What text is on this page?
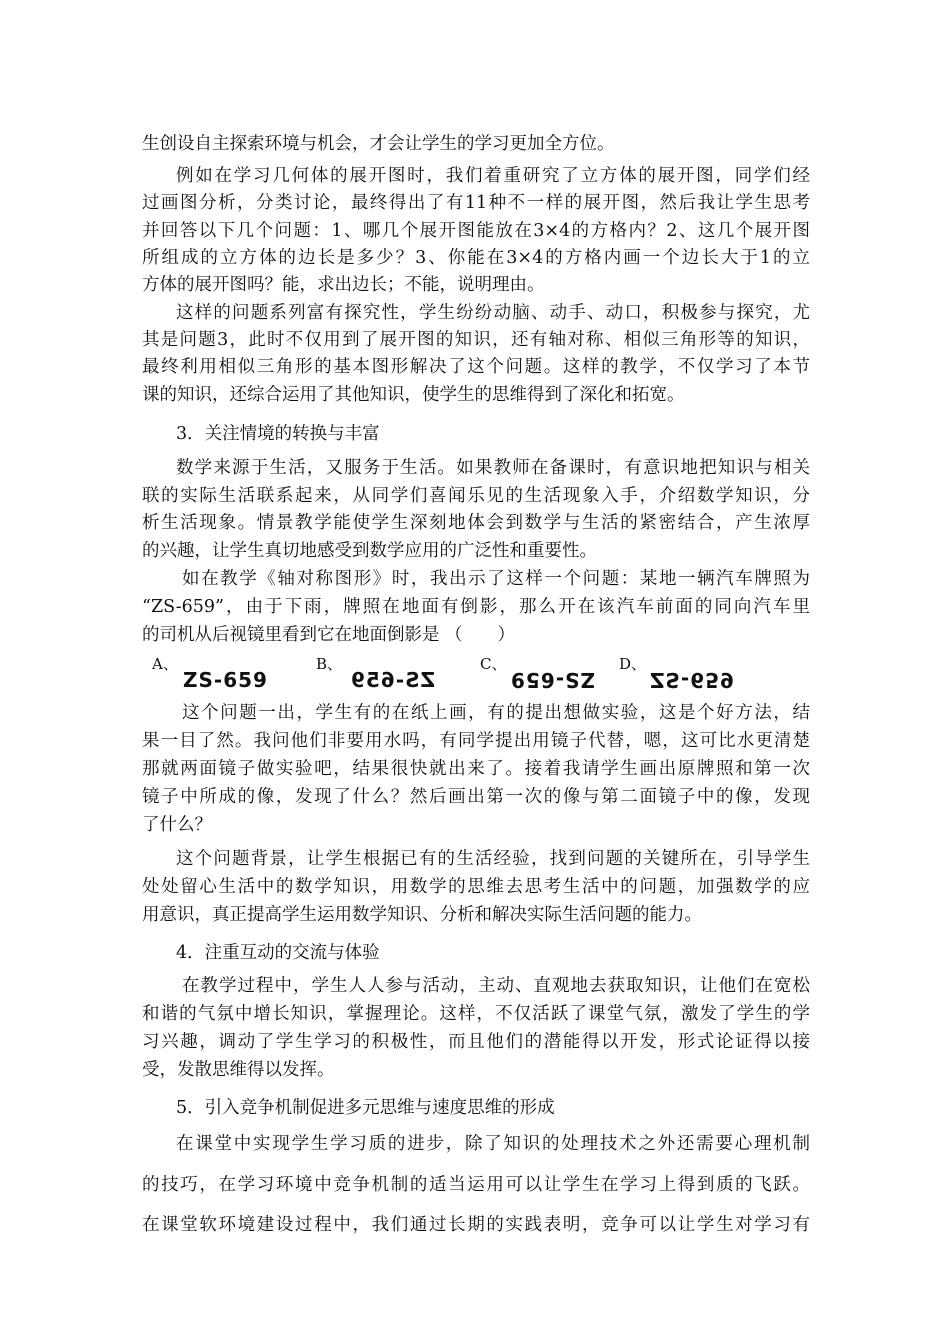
生创设自主探索环境与机会，才会让学生的学习更加全方位。
例如在学习几何体的展开图时，我们着重研究了立方体的展开图，同学们经
过画图分析，分类讨论，最终得出了有11种不一样的展开图，然后我让学生思考
并回答以下几个问题：1、哪几个展开图能放在3×4的方格内？2、这几个展开图
所组成的立方体的边长是多少？3、你能在3×4的方格内画一个边长大于1的立
方体的展开图吗？能，求出边长；不能，说明理由。
这样的问题系列富有探究性，学生纷纷动脑、动手、动口，积极参与探究，尤
其是问题3，此时不仅用到了展开图的知识，还有轴对称、相似三角形等的知识，
最终利用相似三角形的基本图形解决了这个问题。这样的教学，不仅学习了本节
课的知识，还综合运用了其他知识，使学生的思维得到了深化和拓宽。
3．关注情境的转换与丰富
数学来源于生活，又服务于生活。如果教师在备课时，有意识地把知识与相关
联的实际生活联系起来，从同学们喜闻乐见的生活现象入手，介绍数学知识，分
析生活现象。情景教学能使学生深刻地体会到数学与生活的紧密结合，产生浓厚
的兴趣，让学生真切地感受到数学应用的广泛性和重要性。
如在教学《轴对称图形》时，我出示了这样一个问题：某地一辆汽车牌照为
“ZS-659”，由于下雨，牌照在地面有倒影，那么开在该汽车前面的同向汽车里
的司机从后视镜里看到它在地面倒影是 （　　）
这个问题一出，学生有的在纸上画，有的提出想做实验，这是个好方法，结
果一目了然。我问他们非要用水吗，有同学提出用镜子代替，嗯，这可比水更清楚
那就两面镜子做实验吧，结果很快就出来了。接着我请学生画出原牌照和第一次
镜子中所成的像，发现了什么？然后画出第一次的像与第二面镜子中的像，发现
了什么？
这个问题背景，让学生根据已有的生活经验，找到问题的关键所在，引导学生
处处留心生活中的数学知识，用数学的思维去思考生活中的问题，加强数学的应
用意识，真正提高学生运用数学知识、分析和解决实际生活问题的能力。
4．注重互动的交流与体验
在教学过程中，学生人人参与活动，主动、直观地去获取知识，让他们在宽松
和谐的气氛中增长知识，掌握理论。这样，不仅活跃了课堂气氛，激发了学生的学
习兴趣，调动了学生学习的积极性，而且他们的潜能得以开发，形式论证得以接
受，发散思维得以发挥。
5．引入竞争机制促进多元思维与速度思维的形成
在课堂中实现学生学习质的进步，除了知识的处理技术之外还需要心理机制
的技巧，在学习环境中竞争机制的适当运用可以让学生在学习上得到质的飞跃。
在课堂软环境建设过程中，我们通过长期的实践表明，竞争可以让学生对学习有
A、
ZS-659
B、
ZS-659
C、
ZS-659
D、
ZS-659
